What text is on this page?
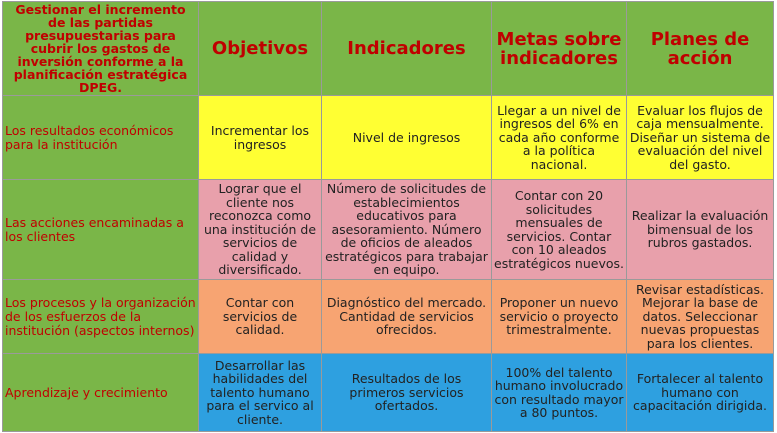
Gestionar el incremento de las partidas presupuestarias para cubrir los gastos de inversión conforme a la planificación estratégica DPEG.	Objetivos	Indicadores	Metas sobre indicadores	Planes de acción
Los resultados económicos para la institución	Incrementar los ingresos	Nivel de ingresos	Llegar a un nivel de ingresos del 6% en cada año conforme a la política nacional.	Evaluar los flujos de caja mensualmente. Diseñar un sistema de evaluación del nivel del gasto.
Las acciones encaminadas a los clientes	Lograr que el cliente nos reconozca como una institución de servicios de calidad y diversificado.	Número de solicitudes de establecimientos educativos para asesoramiento. Número de oficios de aleados estratégicos para trabajar en equipo.	Contar con 20 solicitudes mensuales de servicios. Contar con 10 aleados estratégicos nuevos.	Realizar la evaluación bimensual de los rubros gastados.
Los procesos y la organización de los esfuerzos de la institución (aspectos internos)	Contar con servicios de calidad.	Diagnóstico del mercado. Cantidad de servicios ofrecidos.	Proponer un nuevo servicio o proyecto trimestralmente.	Revisar estadísticas. Mejorar la base de datos. Seleccionar nuevas propuestas para los clientes.
Aprendizaje y crecimiento	Desarrollar las habilidades del talento humano para el servico al cliente.	Resultados de los primeros servicios ofertados.	100% del talento humano involucrado con resultado mayor a 80 puntos.	Fortalecer al talento humano con capacitación dirigida.
